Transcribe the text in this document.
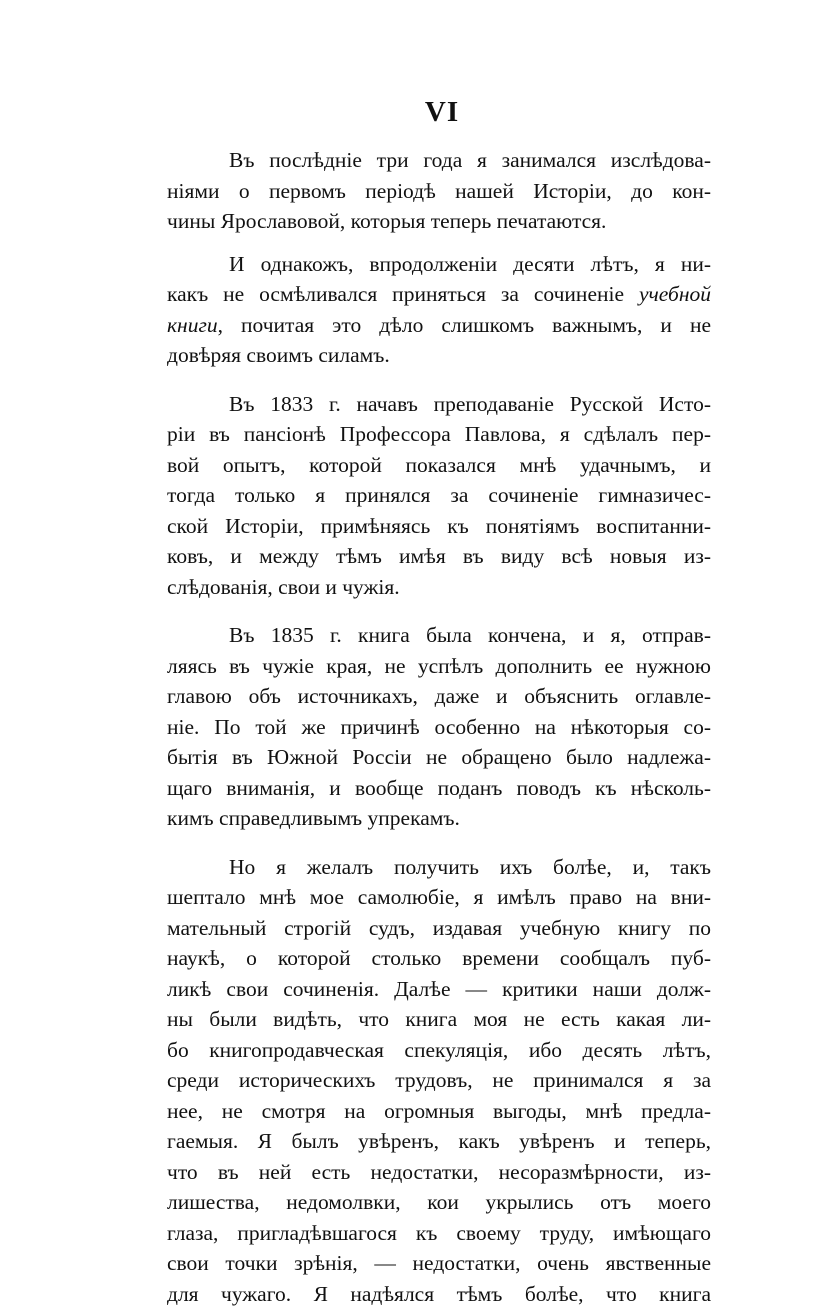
VI
Въ послѣдніе три года я занимался изслѣдова-
ніями о первомъ періодѣ нашей Исторіи, до кон-
чины Ярославовой, которыя теперь печатаются.
И однакожъ, впродолженіи десяти лѣтъ, я ни-
какъ не осмѣливался приняться за сочиненіе учебной
книги, почитая это дѣло слишкомъ важнымъ, и не
довѣряя своимъ силамъ.
Въ 1833 г. начавъ преподаваніе Русской Исто-
ріи въ пансіонѣ Профессора Павлова, я сдѣлалъ пер-
вой опытъ, которой показался мнѣ удачнымъ, и
тогда только я принялся за сочиненіе гимназичес-
ской Исторіи, примѣняясь къ понятіямъ воспитанни-
ковъ, и между тѣмъ имѣя въ виду всѣ новыя из-
слѣдованія, свои и чужія.
Въ 1835 г. книга была кончена, и я, отправ-
ляясь въ чужіе края, не успѣлъ дополнить ее нужною
главою объ источникахъ, даже и объяснить оглавле-
ніе. По той же причинѣ особенно на нѣкоторыя со-
бытія въ Южной Россіи не обращено было надлежа-
щаго вниманія, и вообще поданъ поводъ къ нѣсколь-
кимъ справедливымъ упрекамъ.
Но я желалъ получить ихъ болѣе, и, такъ
шептало мнѣ мое самолюбіе, я имѣлъ право на вни-
мательный строгій судъ, издавая учебную книгу по
наукѣ, о которой столько времени сообщалъ пуб-
ликѣ свои сочиненія. Далѣе — критики наши долж-
ны были видѣть, что книга моя не есть какая ли-
бо книгопродавческая спекуляція, ибо десять лѣтъ,
среди историческихъ трудовъ, не принимался я за
нее, не смотря на огромныя выгоды, мнѣ предла-
гаемыя. Я былъ увѣренъ, какъ увѣренъ и теперь,
что въ ней есть недостатки, несоразмѣрности, из-
лишества, недомолвки, кои укрылись отъ моего
глаза, пригладѣвшагося къ своему труду, имѣющаго
свои точки зрѣнія, — недостатки, очень явственные
для чужаго. Я надѣялся тѣмъ болѣе, что книга
